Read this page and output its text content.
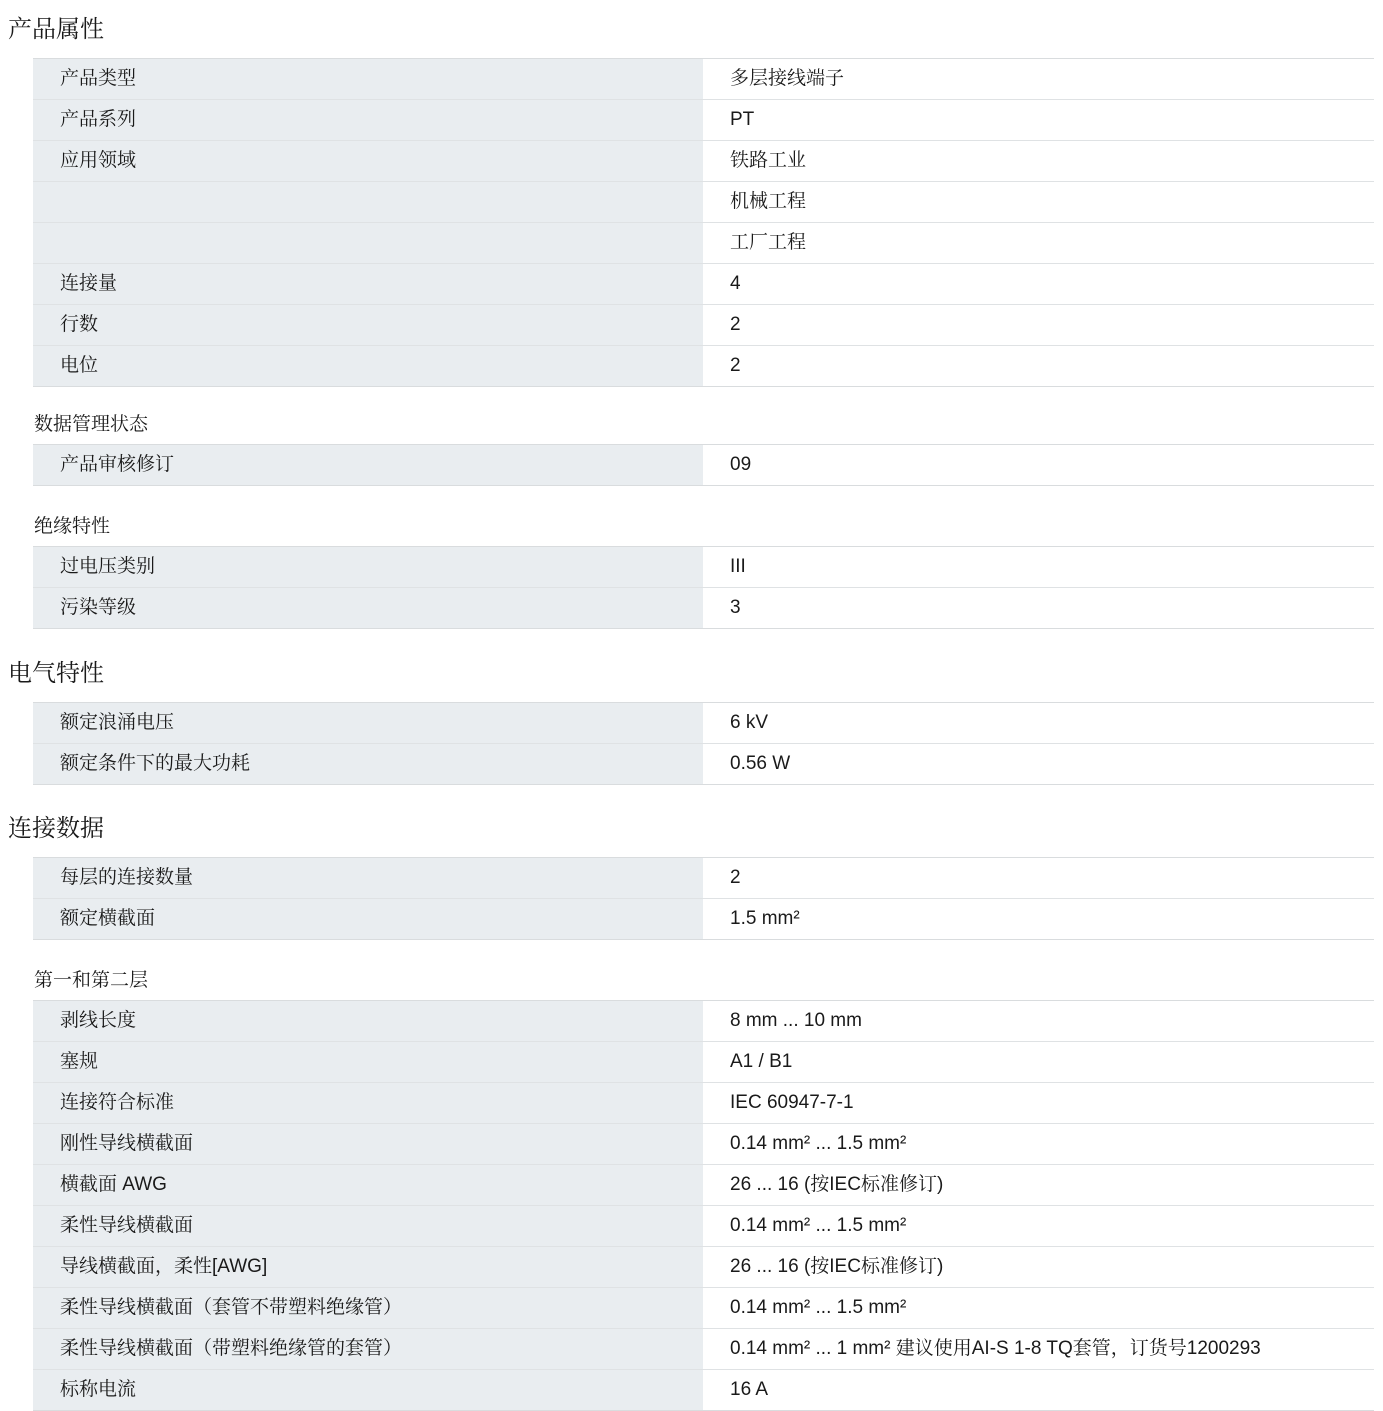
产品属性
产品类型	多层接线端子
产品系列	PT
应用领域	铁路工业
机械工程
工厂工程
连接量	4
行数	2
电位	2
数据管理状态
产品审核修订	09
绝缘特性
过电压类别	III
污染等级	3
电气特性
额定浪涌电压	6 kV
额定条件下的最大功耗	0.56 W
连接数据
每层的连接数量	2
额定横截面	1.5 mm²
第一和第二层
剥线长度	8 mm ... 10 mm
塞规	A1 / B1
连接符合标准	IEC 60947-7-1
刚性导线横截面	0.14 mm² ... 1.5 mm²
横截面 AWG	26 ... 16 (按IEC标准修订)
柔性导线横截面	0.14 mm² ... 1.5 mm²
导线横截面，柔性[AWG]	26 ... 16 (按IEC标准修订)
柔性导线横截面（套管不带塑料绝缘管）	0.14 mm² ... 1.5 mm²
柔性导线横截面（带塑料绝缘管的套管）	0.14 mm² ... 1 mm² 建议使用AI-S 1-8 TQ套管，订货号1200293
标称电流	16 A
